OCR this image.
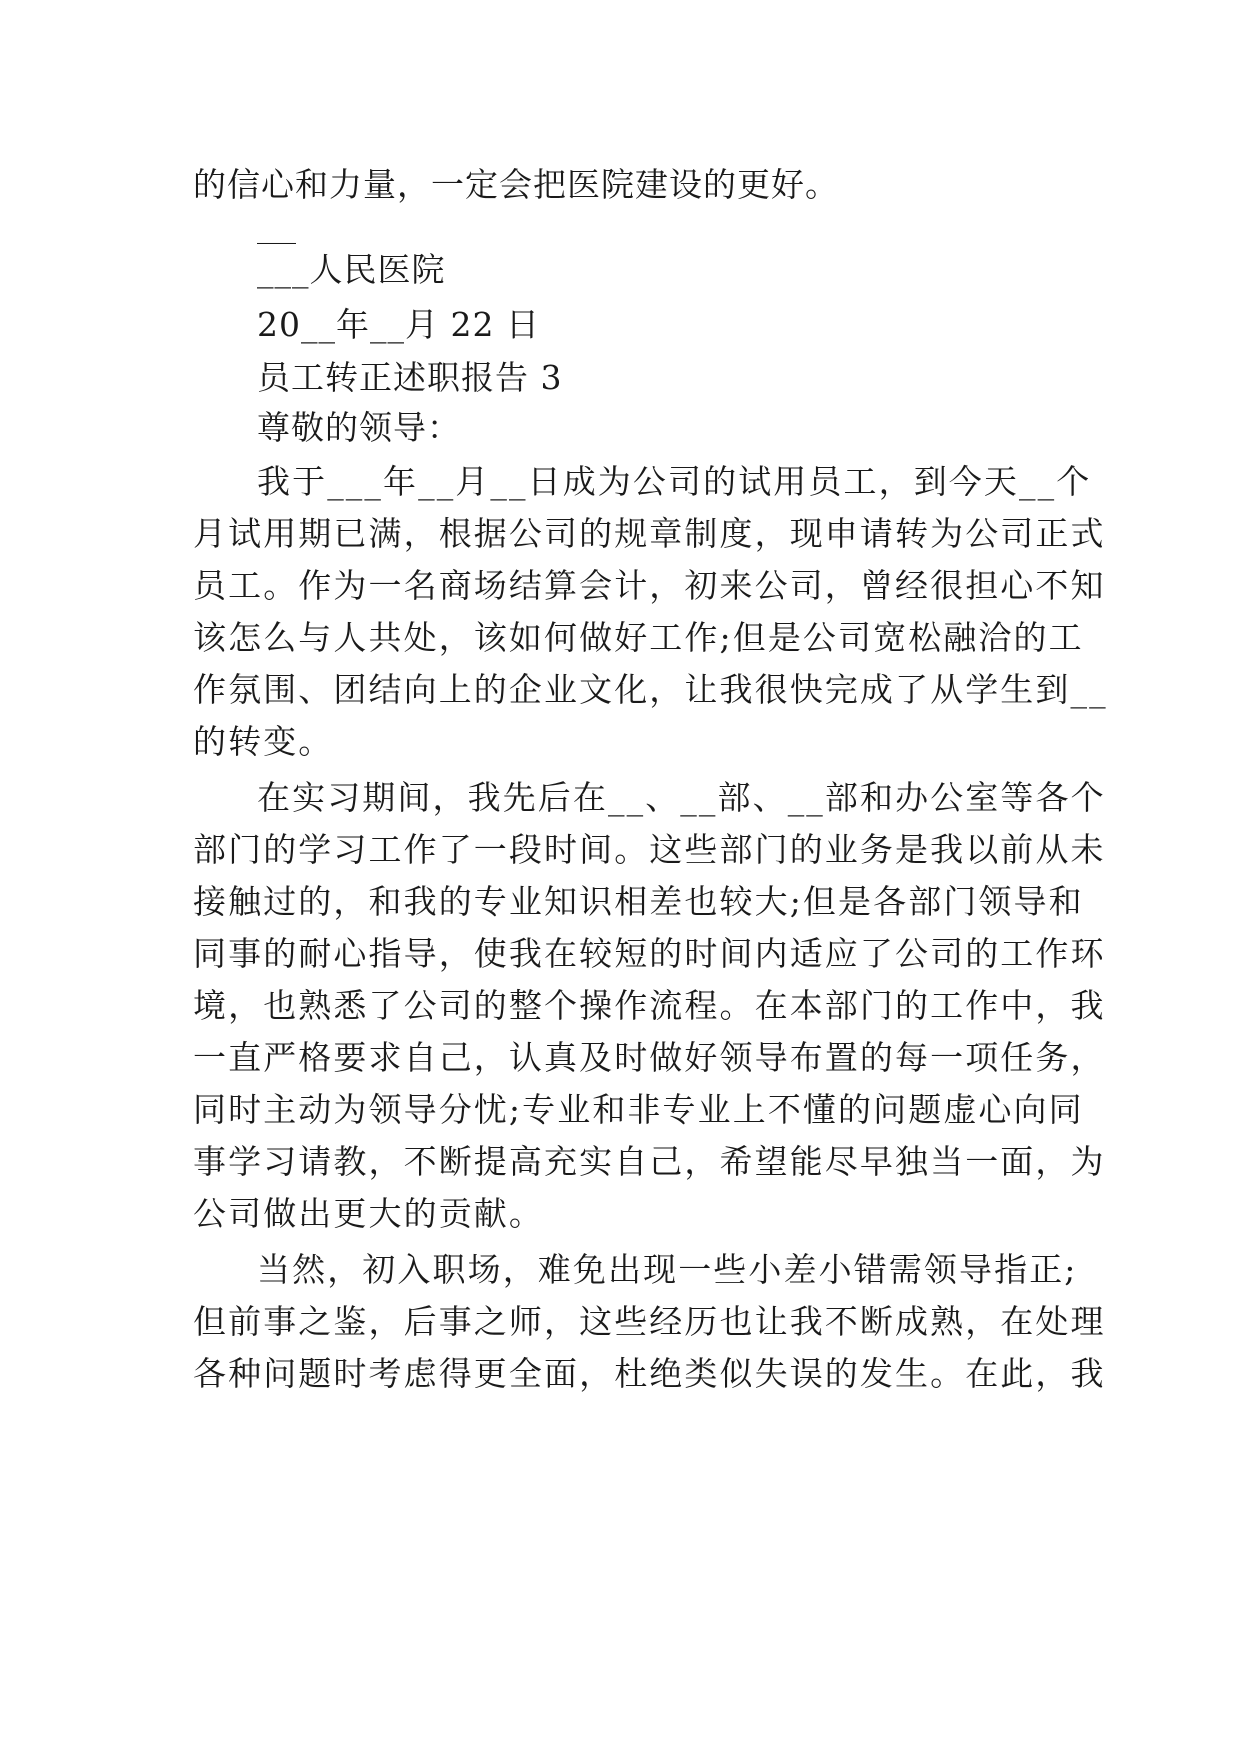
的信心和力量，一定会把医院建设的更好。
___
___人民医院
20__年__月 22 日
员工转正述职报告 3
尊敬的领导：
我于___年__月__日成为公司的试用员工，到今天__个
月试用期已满，根据公司的规章制度，现申请转为公司正式
员工。作为一名商场结算会计，初来公司，曾经很担心不知
该怎么与人共处，该如何做好工作;但是公司宽松融洽的工
作氛围、团结向上的企业文化，让我很快完成了从学生到__
的转变。
在实习期间，我先后在__、__部、__部和办公室等各个
部门的学习工作了一段时间。这些部门的业务是我以前从未
接触过的，和我的专业知识相差也较大;但是各部门领导和
同事的耐心指导，使我在较短的时间内适应了公司的工作环
境，也熟悉了公司的整个操作流程。在本部门的工作中，我
一直严格要求自己，认真及时做好领导布置的每一项任务，
同时主动为领导分忧;专业和非专业上不懂的问题虚心向同
事学习请教，不断提高充实自己，希望能尽早独当一面，为
公司做出更大的贡献。
当然，初入职场，难免出现一些小差小错需领导指正;
但前事之鉴，后事之师，这些经历也让我不断成熟，在处理
各种问题时考虑得更全面，杜绝类似失误的发生。在此，我
